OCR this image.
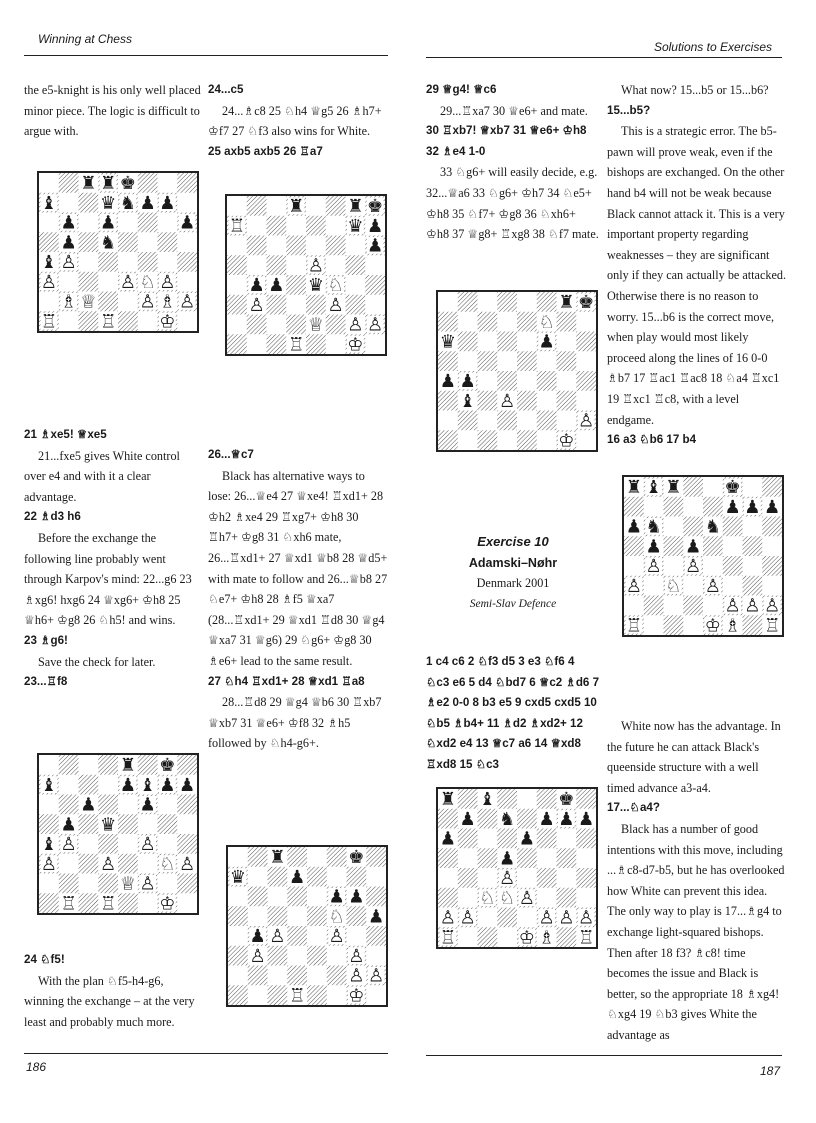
Winning at Chess
Solutions to Exercises

the e5-knight is his only well placed minor piece. The logic is difficult to argue with.

♜ ♜ ♚
♝ ♛ ♞ ♟ ♟
♟ ♟	♟
♟ ♞
♝ ♙
♙	♙ ♘ ♙
♗ ♕ ♙ ♗ ♙
♖ ♖ ♔

21 ♗xe5! ♕xe5

21...fxe5 gives White control over e4 and with it a clear advantage.

22 ♗d3 h6

Before the exchange the following line probably went through Karpov's mind: 22...g6 23 ♗xg6! hxg6 24 ♕xg6+ ♔h8 25 ♕h6+ ♔g8 26 ♘h5! and wins.

23 ♗g6!

Save the check for later.

23...♖f8

♜ ♚
♝	♟ ♝ ♟ ♟
♟ ♟
♟ ♛
♝ ♙	♙
♙ ♙ ♘ ♙
♕ ♙
♖ ♖ ♔

24 ♘f5!

With the plan ♘f5-h4-g6, winning the exchange – at the very least and probably much more.

24...c5

24...♗c8 25 ♘h4 ♕g5 26 ♗h7+ ♔f7 27 ♘f3 also wins for White.

25 axb5 axb5 26 ♖a7

♜ ♜ ♚
♖	♛ ♟
♟
♙
♟ ♟ ♛ ♘
♙	♙
♕ ♙ ♙
♖ ♔

26...♕c7

Black has alternative ways to lose: 26...♕e4 27 ♕xe4! ♖xd1+ 28 ♔h2 ♗xe4 29 ♖xg7+ ♔h8 30 ♖h7+ ♔g8 31 ♘xh6 mate, 26...♖xd1+ 27 ♕xd1 ♕b8 28 ♕d5+ with mate to follow and 26...♕b8 27 ♘e7+ ♔h8 28 ♗f5 ♕xa7 (28...♖xd1+ 29 ♕xd1 ♖d8 30 ♕g4 ♕xa7 31 ♕g6) 29 ♘g6+ ♔g8 30 ♗e6+ lead to the same result.

27 ♘h4 ♖xd1+ 28 ♕xd1 ♖a8

28...♖d8 29 ♕g4 ♕b6 30 ♖xb7 ♕xb7 31 ♕e6+ ♔f8 32 ♗h5 followed by ♘h4-g6+.

♜	♚
♛ ♟
♟ ♟
♘ ♟
♟ ♙ ♙
♙	♙
♙ ♙
♖ ♔

29 ♕g4! ♕c6

29...♖xa7 30 ♕e6+ and mate.

30 ♖xb7! ♕xb7 31 ♕e6+ ♔h8 32 ♗e4 1-0

33 ♘g6+ will easily decide, e.g. 32...♕a6 33 ♘g6+ ♔h7 34 ♘e5+ ♔h8 35 ♘f7+ ♔g8 36 ♘xh6+ ♔h8 37 ♕g8+ ♖xg8 38 ♘f7 mate.

♜ ♚
♘
♛	♟
♟ ♟
♝ ♙
♙
♔

Exercise 10

Adamski–Nøhr

Denmark 2001

Semi-Slav Defence

1 c4 c6 2 ♘f3 d5 3 e3 ♘f6 4 ♘c3 e6 5 d4 ♘bd7 6 ♕c2 ♗d6 7 ♗e2 0-0 8 b3 e5 9 cxd5 cxd5 10 ♘b5 ♗b4+ 11 ♗d2 ♗xd2+ 12 ♘xd2 e4 13 ♕c7 a6 14 ♕xd8 ♖xd8 15 ♘c3

♜ ♝	♚
♟ ♞ ♟ ♟ ♟
♟	♟
♟
♙
♘ ♘ ♙
♙ ♙	♙ ♙ ♙
♖	♔ ♗ ♖

What now? 15...b5 or 15...b6?

15...b5?

This is a strategic error. The b5-pawn will prove weak, even if the bishops are exchanged. On the other hand b4 will not be weak because Black cannot attack it. This is a very important property regarding weaknesses – they are significant only if they can actually be attacked. Otherwise there is no reason to worry. 15...b6 is the correct move, when play would most likely proceed along the lines of 16 0-0 ♗b7 17 ♖ac1 ♖ac8 18 ♘a4 ♖xc1 19 ♖xc1 ♖c8, with a level endgame.

16 a3 ♘b6 17 b4

♜ ♝ ♜ ♚
♟ ♟ ♟
♟ ♞ ♞
♟ ♟
♙ ♙
♙ ♘ ♙
♙ ♙ ♙
♖	♔ ♗ ♖

White now has the advantage. In the future he can attack Black's queenside structure with a well timed advance a3-a4.

17...♘a4?

Black has a number of good intentions with this move, including ...♗c8-d7-b5, but he has overlooked how White can prevent this idea. The only way to play is 17...♗g4 to exchange light-squared bishops. Then after 18 f3? ♗c8! time becomes the issue and Black is better, so the appropriate 18 ♗xg4! ♘xg4 19 ♘b3 gives White the advantage as

186	187
